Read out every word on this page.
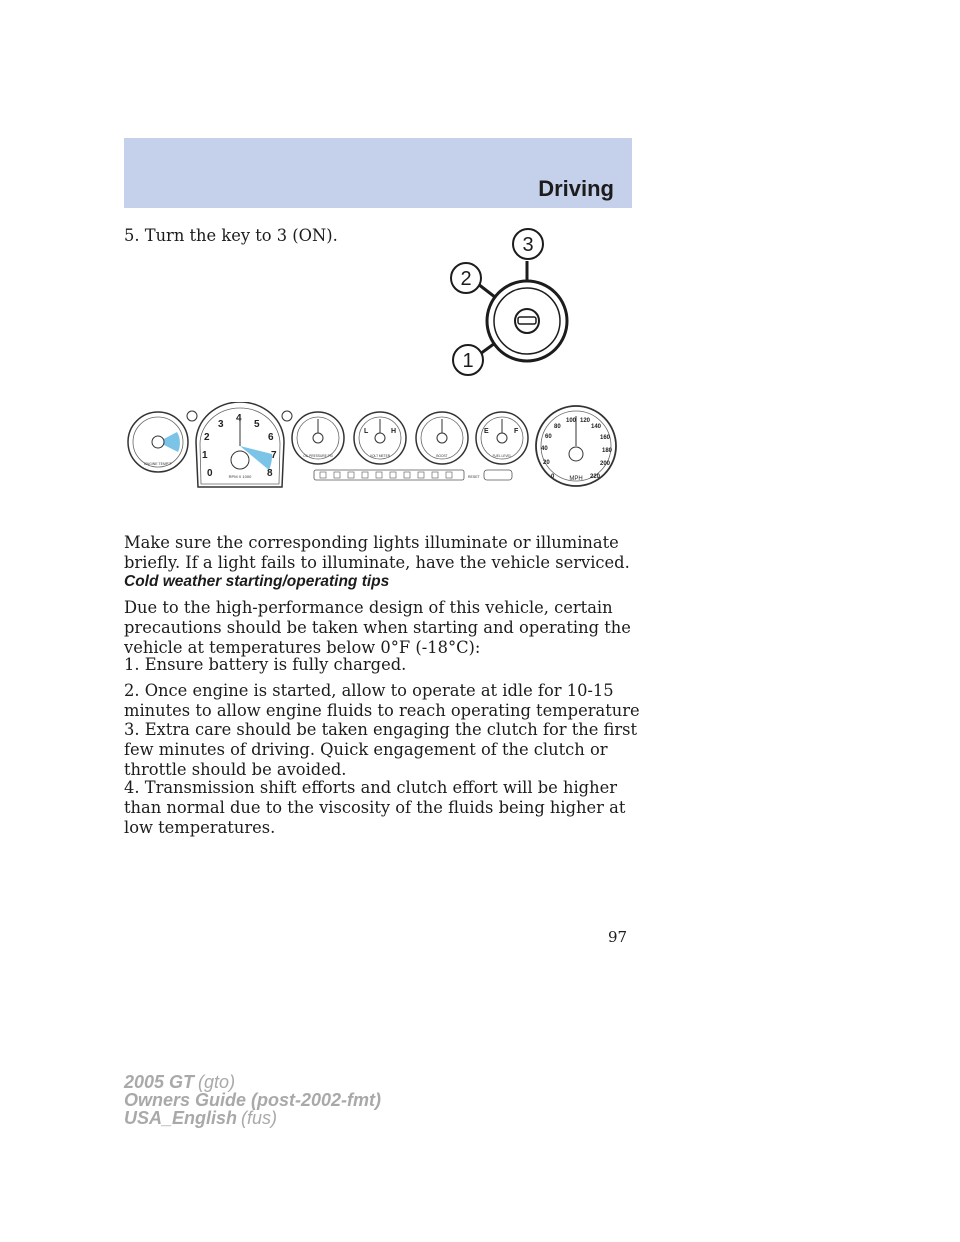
Driving

5. Turn the key to 3 (ON).	3
2
1
ENGINE TEMP°F
0
1
2
3
4
5
6
7
8
RPM X 1000
OIL PRESSURE PSI
L	H
VOLT METER	BOOST
E	F
FUEL LEVEL
RESET	0
20
40
60
80
100 120
140
160
180
200
220
MPH

Make sure the corresponding lights illuminate or illuminate briefly. If a light fails to illuminate, have the vehicle serviced.

Cold weather starting/operating tips

Due to the high-performance design of this vehicle, certain precautions should be taken when starting and operating the vehicle at temperatures below 0°F (-18°C):

1. Ensure battery is fully charged.

2. Once engine is started, allow to operate at idle for 10-15 minutes to allow engine fluids to reach operating temperature

3. Extra care should be taken engaging the clutch for the first few minutes of driving. Quick engagement of the clutch or throttle should be avoided.

4. Transmission shift efforts and clutch effort will be higher than normal due to the viscosity of the fluids being higher at low temperatures.

97
2005 GT (gto)
Owners Guide (post-2002-fmt)
USA_English (fus)
